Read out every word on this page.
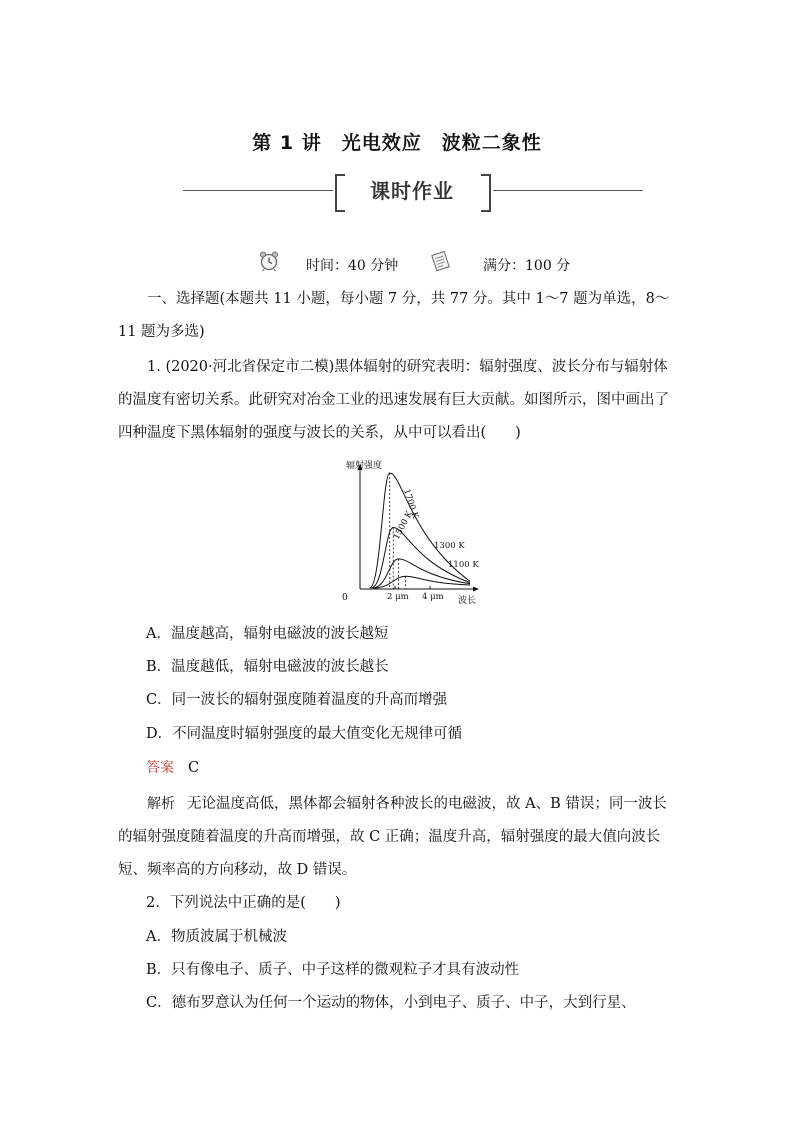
第 1 讲 光电效应 波粒二象性
课时作业
时间：40 分钟	满分：100 分

一、选择题(本题共 11 小题，每小题 7 分，共 77 分。其中 1～7 题为单选，8～11 题为多选)

1. (2020·河北省保定市二模)黑体辐射的研究表明：辐射强度、波长分布与辐射体的温度有密切关系。此研究对冶金工业的迅速发展有巨大贡献。如图所示，图中画出了四种温度下黑体辐射的强度与波长的关系，从中可以看出(　　)

辐射强度
0	波长
2 μm 4 μm
1700 K
1500 K
1300 K
1100 K
A．温度越高，辐射电磁波的波长越短
B．温度越低，辐射电磁波的波长越长
C．同一波长的辐射强度随着温度的升高而增强
D．不同温度时辐射强度的最大值变化无规律可循
答案 C

解析 无论温度高低，黑体都会辐射各种波长的电磁波，故 A、B 错误；同一波长的辐射强度随着温度的升高而增强，故 C 正确；温度升高，辐射强度的最大值向波长短、频率高的方向移动，故 D 错误。

2．下列说法中正确的是(　　)
A．物质波属于机械波
B．只有像电子、质子、中子这样的微观粒子才具有波动性
C．德布罗意认为任何一个运动的物体，小到电子、质子、中子，大到行星、
